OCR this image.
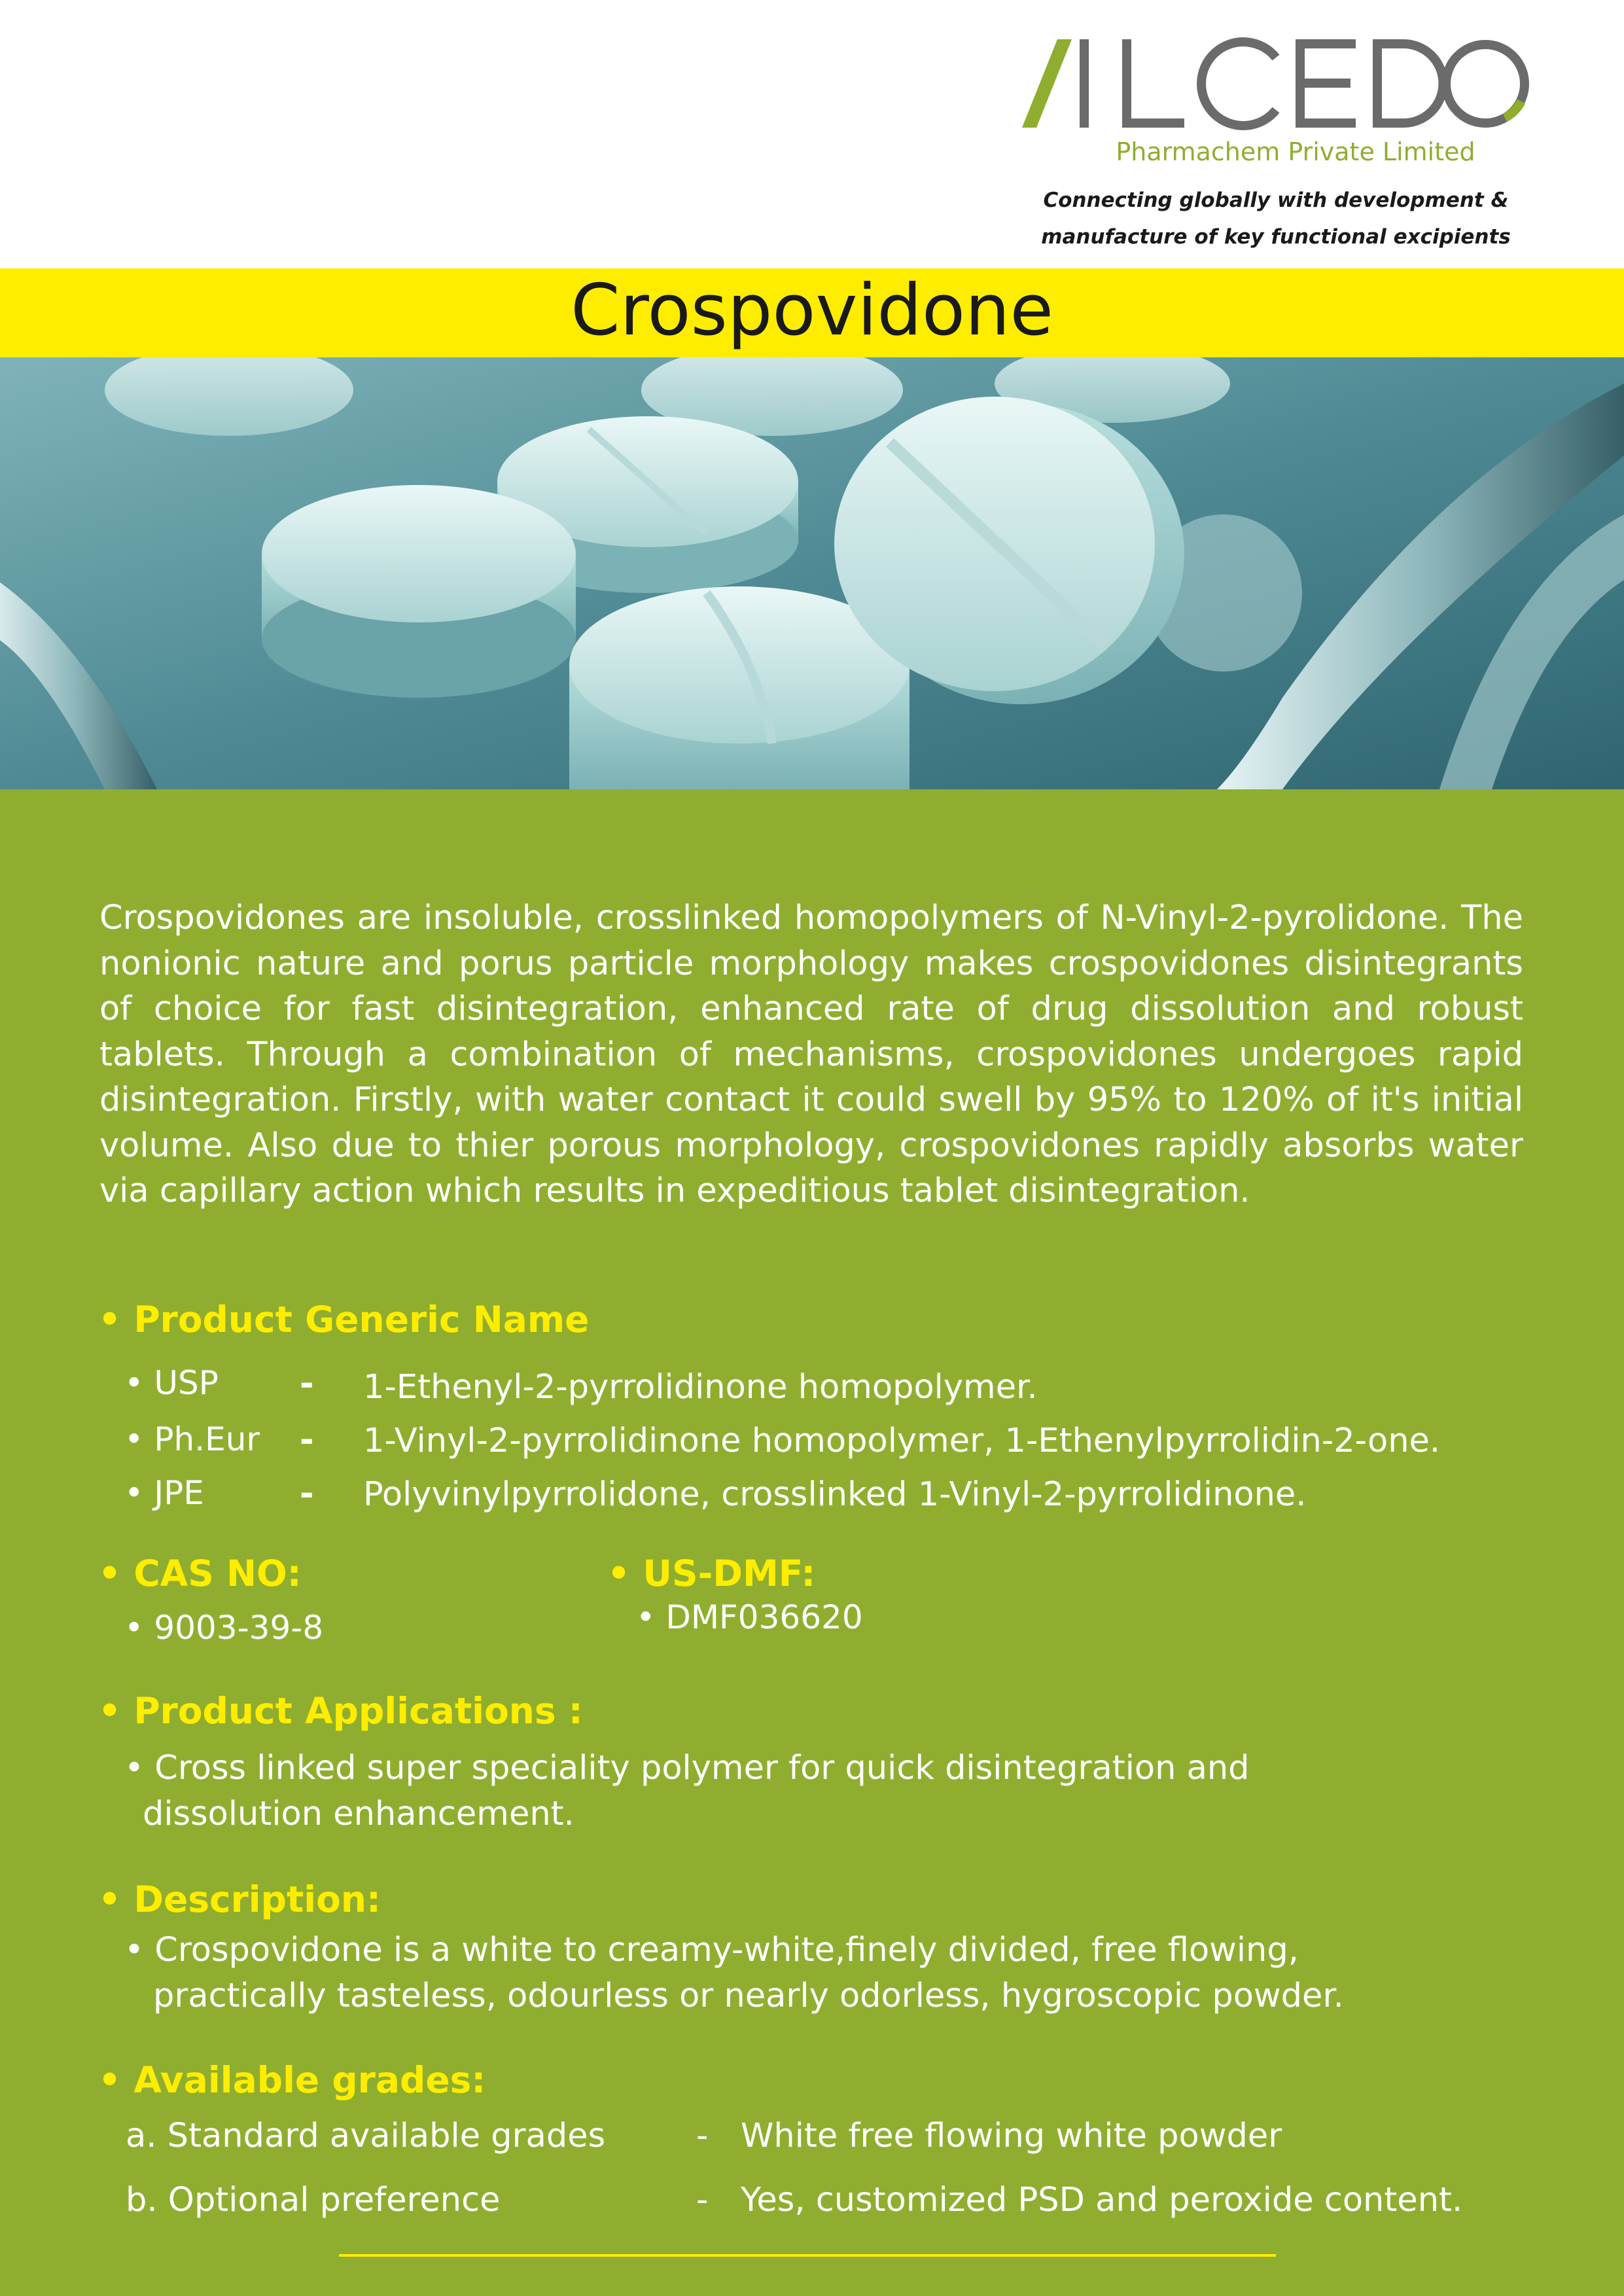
Pharmachem Private Limited
Connecting globally with development &
manufacture of key functional excipients
Crospovidone
Crospovidones are insoluble, crosslinked homopolymers of N-Vinyl-2-pyrolidone. The nonionic nature and porus particle morphology makes crospovidones disintegrants of choice for fast disintegration, enhanced rate of drug dissolution and robust tablets. Through a combination of mechanisms, crospovidones undergoes rapid disintegration. Firstly, with water contact it could swell by 95% to 120% of it's initial volume. Also due to thier porous morphology, crospovidones rapidly absorbs water via capillary action which results in expeditious tablet disintegration.
• Product Generic Name
• USP - 1-Ethenyl-2-pyrrolidinone homopolymer.
• Ph.Eur - 1-Vinyl-2-pyrrolidinone homopolymer, 1-Ethenylpyrrolidin-2-one.
• JPE	- Polyvinylpyrrolidone, crosslinked 1-Vinyl-2-pyrrolidinone.
• CAS NO:
• 9003-39-8
• US-DMF:
• DMF036620
• Product Applications :
• Cross linked super speciality polymer for quick disintegration and
dissolution enhancement.
• Description:
• Crospovidone is a white to creamy-white,finely divided, free flowing,
practically tasteless, odourless or nearly odorless, hygroscopic powder.
• Available grades:
a. Standard available grades	- White free flowing white powder
b. Optional preference	- Yes, customized PSD and peroxide content.
